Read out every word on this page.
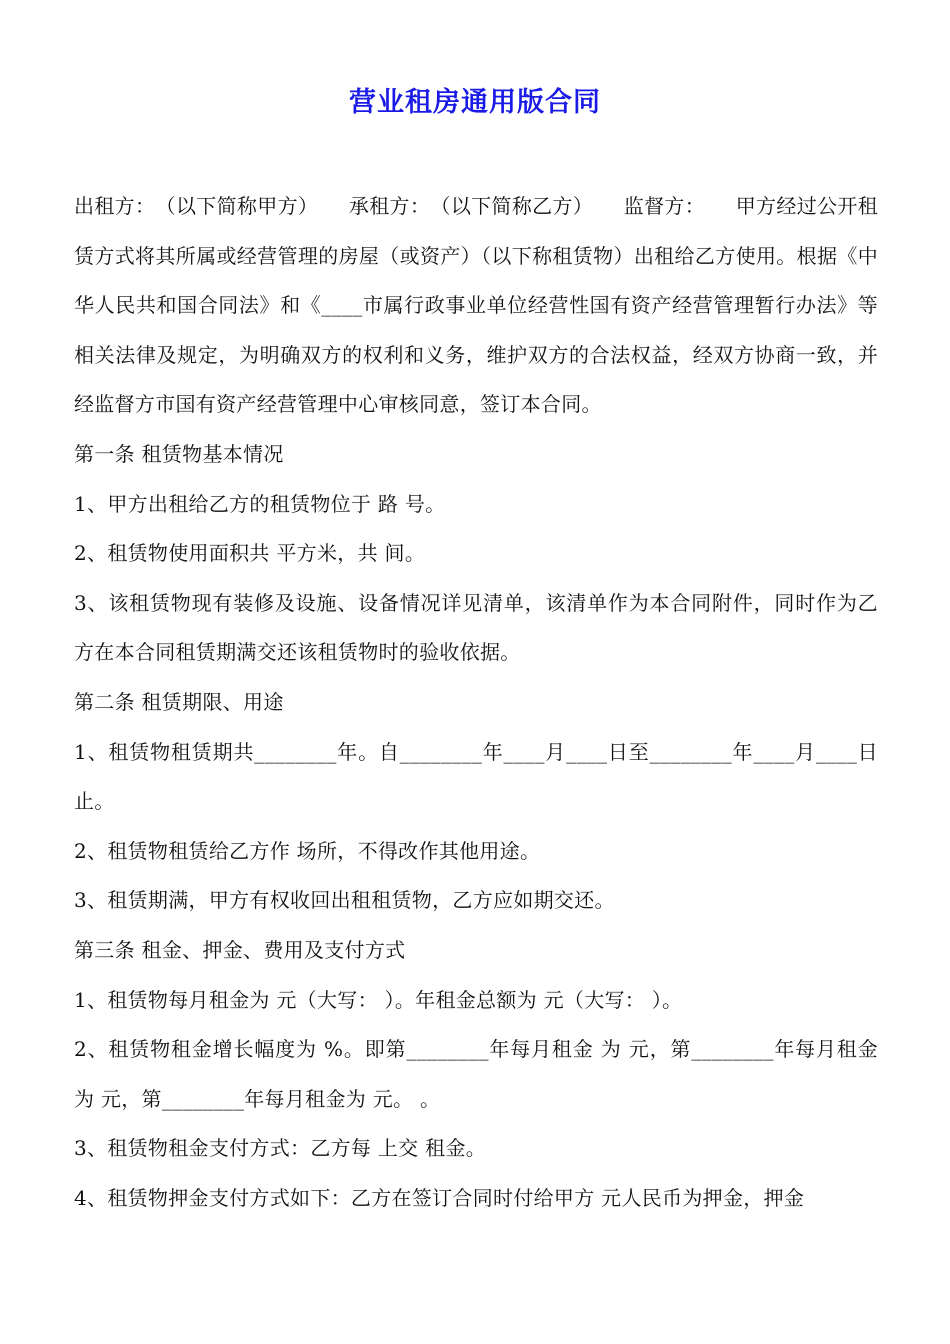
营业租房通用版合同

出租方：　（以下简称甲方）　　承租方：　（以下简称乙方）　　监督方：　　甲方经过公开租赁方式将其所属或经营管理的房屋（或资产）（以下称租赁物）出租给乙方使用。根据《中华人民共和国合同法》和《____市属行政事业单位经营性国有资产经营管理暂行办法》等相关法律及规定，为明确双方的权利和义务，维护双方的合法权益，经双方协商一致，并经监督方市国有资产经营管理中心审核同意，签订本合同。

第一条 租赁物基本情况

1、甲方出租给乙方的租赁物位于 路 号。

2、租赁物使用面积共 平方米，共 间。

3、该租赁物现有装修及设施、设备情况详见清单，该清单作为本合同附件，同时作为乙方在本合同租赁期满交还该租赁物时的验收依据。

第二条 租赁期限、用途

1、租赁物租赁期共________年。自________年____月____日至________年____月____日止。

2、租赁物租赁给乙方作 场所，不得改作其他用途。

3、租赁期满，甲方有权收回出租租赁物，乙方应如期交还。

第三条 租金、押金、费用及支付方式

1、租赁物每月租金为 元（大写： ）。年租金总额为 元（大写： ）。

2、租赁物租金增长幅度为 %。即第________年每月租金 为 元，第________年每月租金为 元，第________年每月租金为 元。 。

3、租赁物租金支付方式：乙方每 上交 租金。

4、租赁物押金支付方式如下：乙方在签订合同时付给甲方 元人民币为押金，押金
